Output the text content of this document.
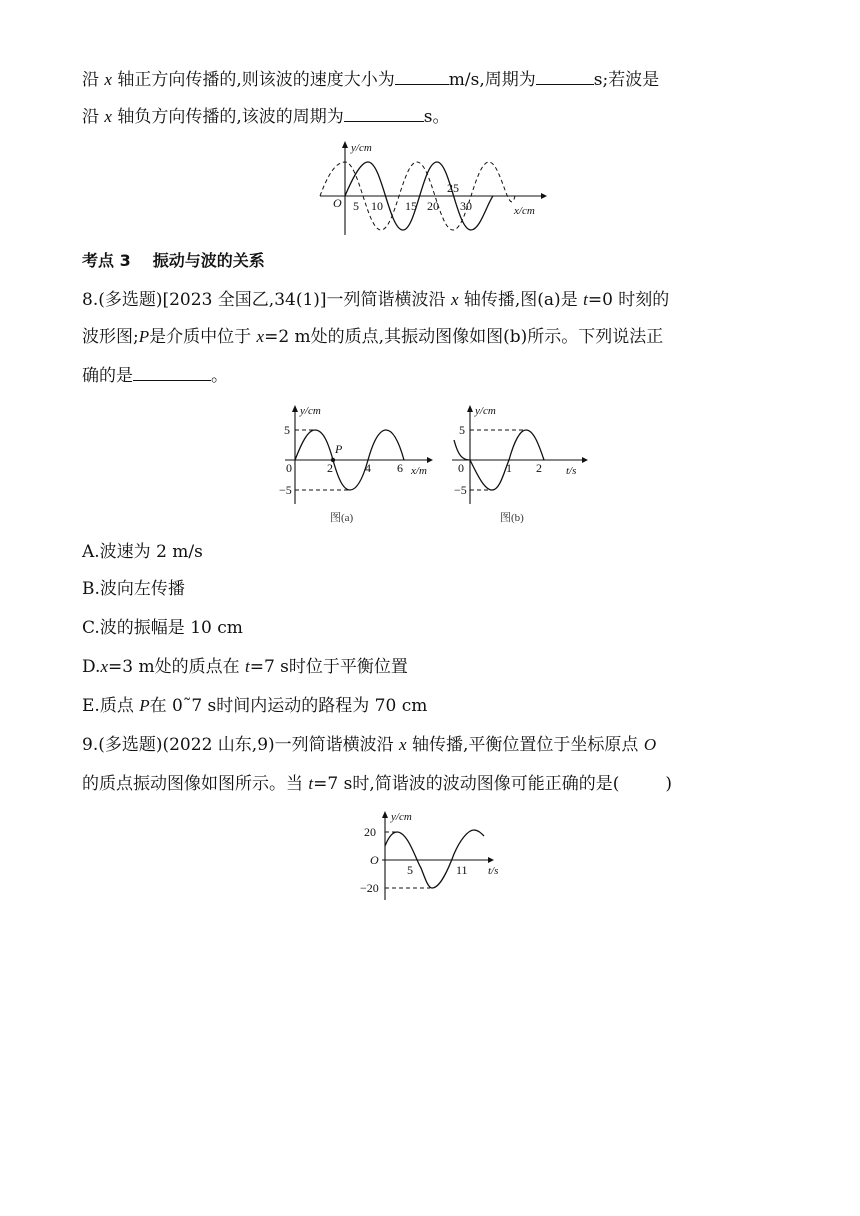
沿 x 轴正方向传播的,则该波的速度大小为	m/s,周期为	s;若波是
沿 x 轴负方向传播的,该波的周期为	s。
y/cm
x/cm
O 5 10 15 20
25
30
考点 3 振动与波的关系
8.(多选题)[2023 全国乙,34(1)]一列简谐横波沿 x 轴传播,图(a)是 t=0 时刻的
波形图;P是介质中位于 x=2 m处的质点,其振动图像如图(b)所示。下列说法正
确的是	。
y/cm
x/m
P
5
−5
0	2	4 6
图(a)
y/cm
t/s
5
−5
0	1 2
图(b)
A.波速为 2 m/s
B.波向左传播
C.波的振幅是 10 cm
D.x=3 m处的质点在 t=7 s时位于平衡位置
E.质点 P在 0˜7 s时间内运动的路程为 70 cm
9.(多选题)(2022 山东,9)一列简谐横波沿 x 轴传播,平衡位置位于坐标原点 O
的质点振动图像如图所示。当 t=7 s时,简谐波的波动图像可能正确的是(	)
y/cm
t/s
20
−20
O
5	11
